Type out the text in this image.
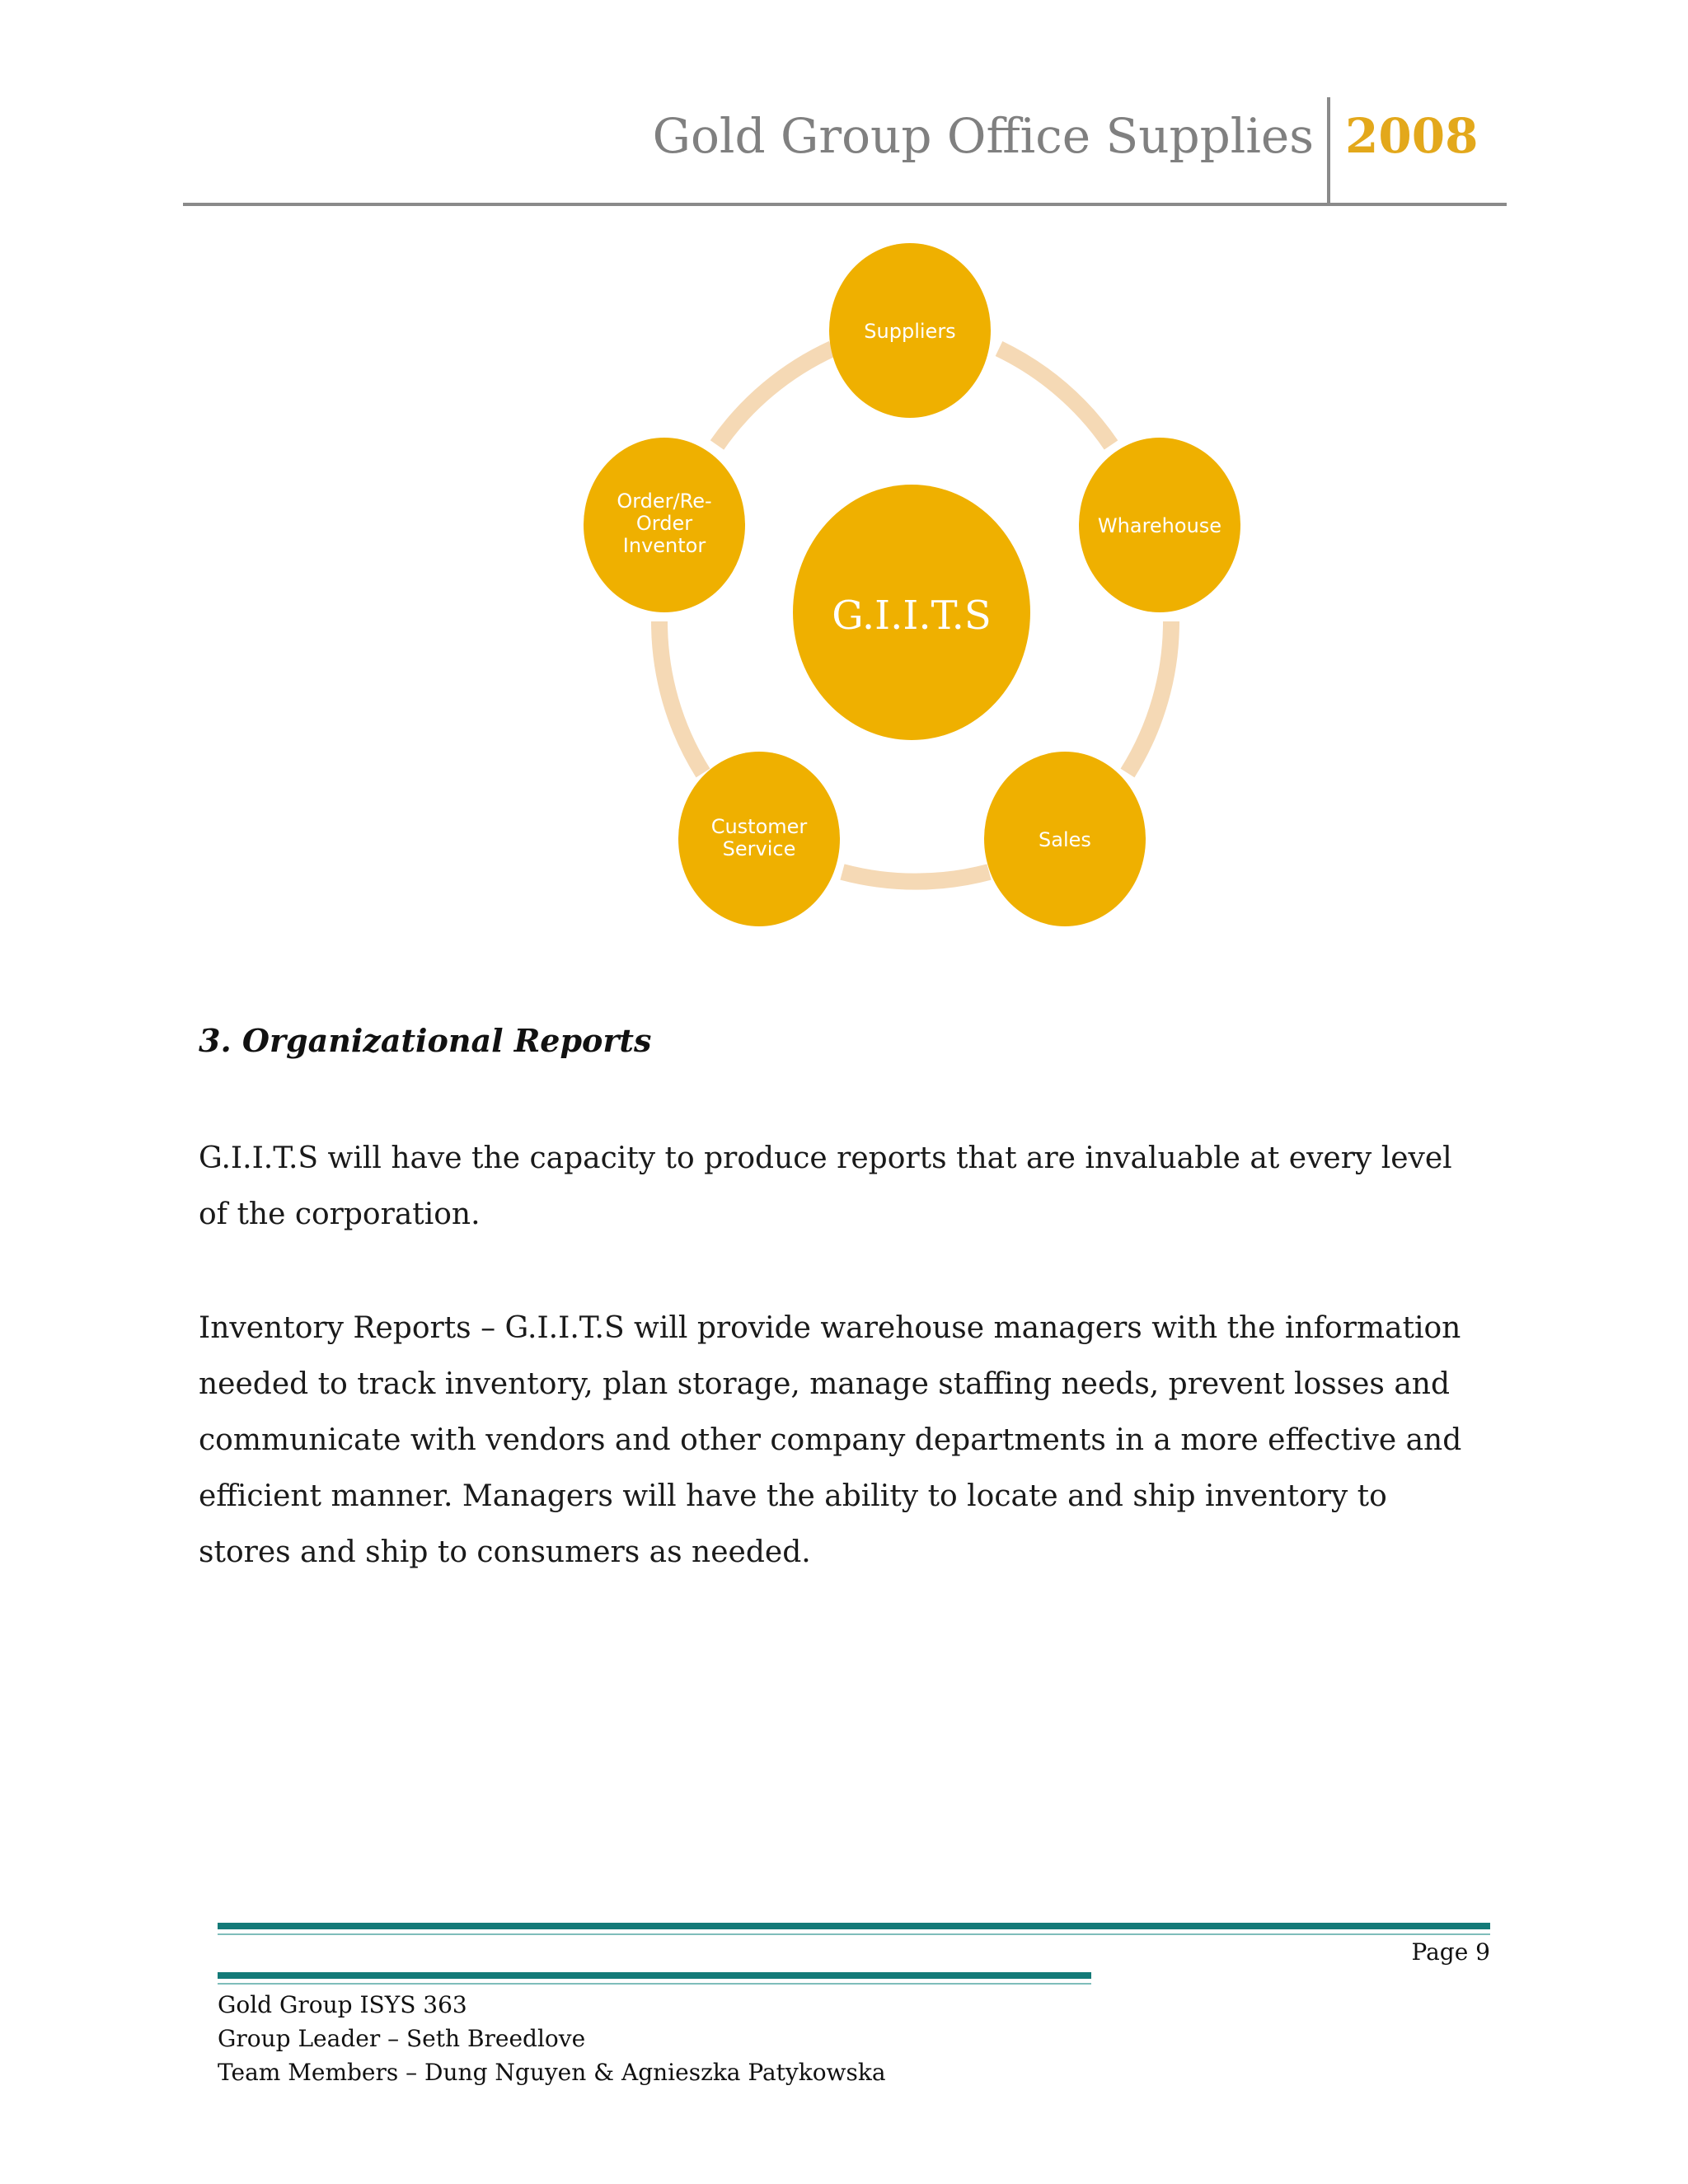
Gold Group Office Supplies 2008
G.I.I.T.S
Suppliers
Wharehouse
Sales
Customer
Service
Order/Re-
Order
Inventor
3. Organizational Reports

G.I.I.T.S will have the capacity to produce reports that are invaluable at every level of the corporation.

Inventory Reports – G.I.I.T.S will provide warehouse managers with the information needed to track inventory, plan storage, manage staffing needs, prevent losses and communicate with vendors and other company departments in a more effective and efficient manner. Managers will have the ability to locate and ship inventory to stores and ship to consumers as needed.

Page 9
Gold Group ISYS 363
Group Leader – Seth Breedlove
Team Members – Dung Nguyen & Agnieszka Patykowska
